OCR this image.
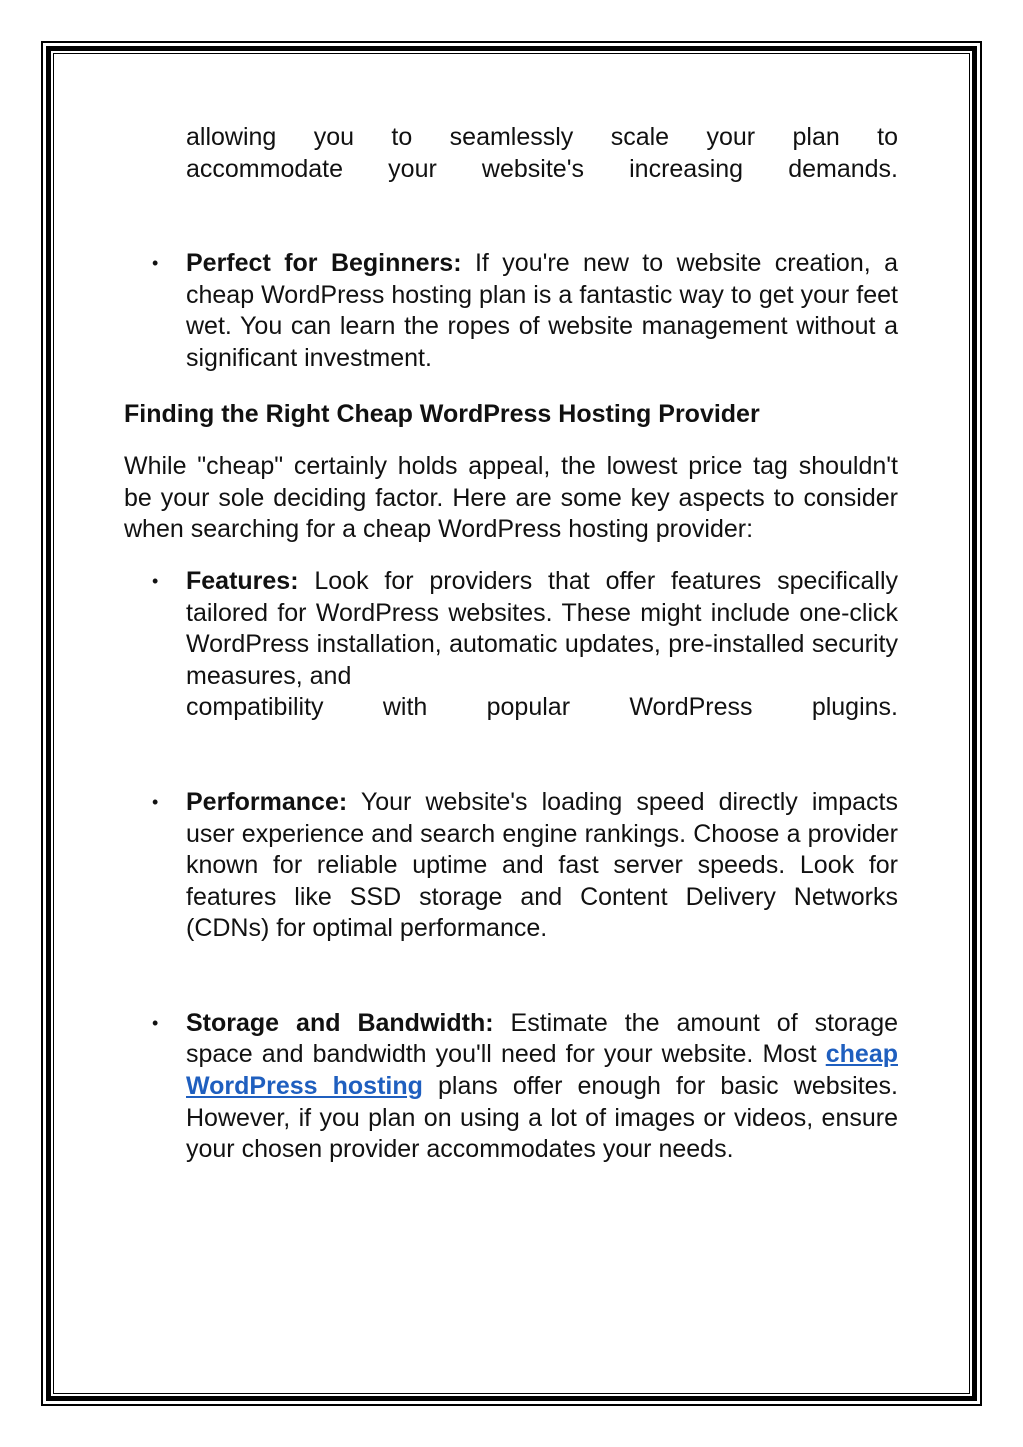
allowing you to seamlessly scale your plan to

accommodate your website's increasing demands.

• Perfect for Beginners: If you're new to website creation, a cheap WordPress hosting plan is a fantastic way to get your feet wet. You can learn the ropes of website management without a significant investment.
Finding the Right Cheap WordPress Hosting Provider

While "cheap" certainly holds appeal, the lowest price tag shouldn't be your sole deciding factor. Here are some key aspects to consider when searching for a cheap WordPress hosting provider:

• Features: Look for providers that offer features specifically tailored for WordPress websites. These might include one-click WordPress installation, automatic updates, pre-installed security measures, and

compatibility with popular WordPress plugins.

• Performance: Your website's loading speed directly impacts user experience and search engine rankings. Choose a provider known for reliable uptime and fast server speeds. Look for features like SSD storage and Content Delivery Networks (CDNs) for optimal performance.
• Storage and Bandwidth: Estimate the amount of storage space and bandwidth you'll need for your website. Most cheap WordPress hosting plans offer enough for basic websites. However, if you plan on using a lot of images or videos, ensure your chosen provider accommodates your needs.
